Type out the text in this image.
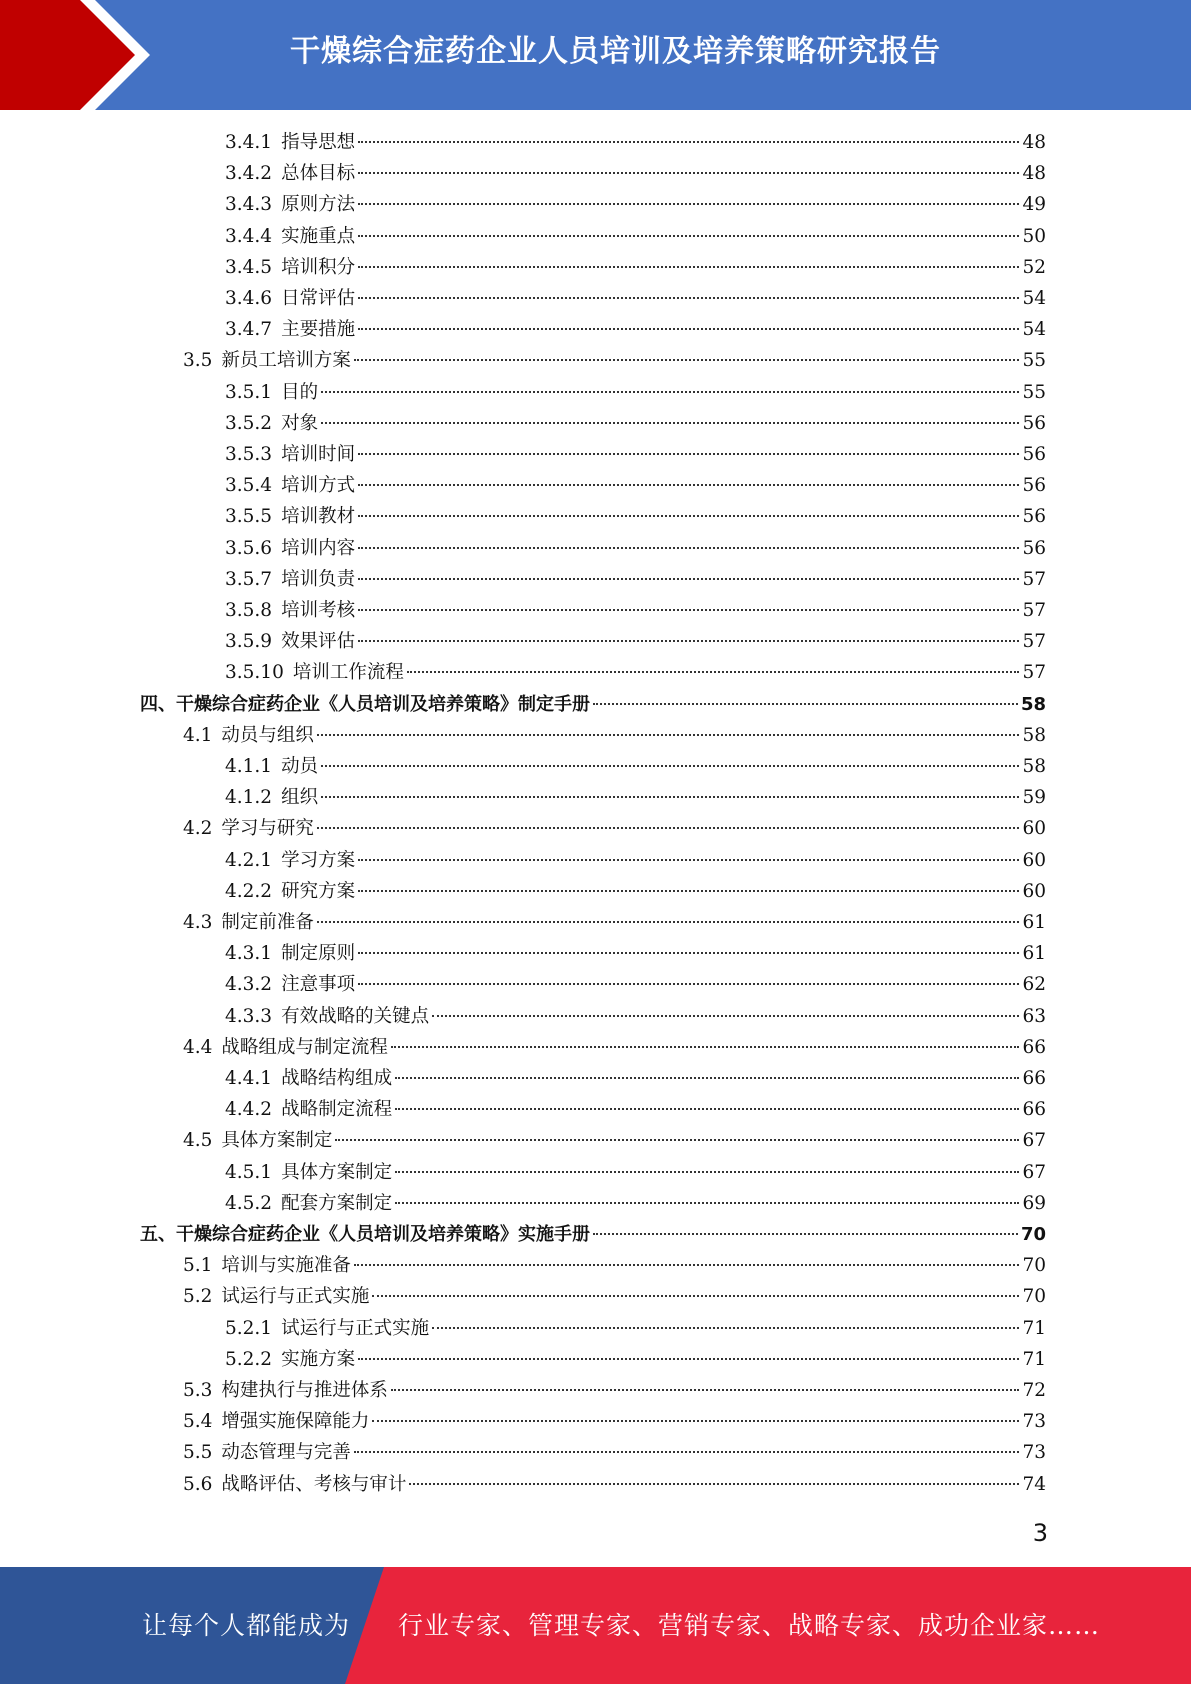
干燥综合症药企业人员培训及培养策略研究报告
3.4.1 指导思想	48
3.4.2 总体目标	48
3.4.3 原则方法	49
3.4.4 实施重点	50
3.4.5 培训积分	52
3.4.6 日常评估	54
3.4.7 主要措施	54
3.5 新员工培训方案	55
3.5.1 目的	55
3.5.2 对象	56
3.5.3 培训时间	56
3.5.4 培训方式	56
3.5.5 培训教材	56
3.5.6 培训内容	56
3.5.7 培训负责	57
3.5.8 培训考核	57
3.5.9 效果评估	57
3.5.10 培训工作流程	57
四、干燥综合症药企业《人员培训及培养策略》制定手册	58
4.1 动员与组织	58
4.1.1 动员	58
4.1.2 组织	59
4.2 学习与研究	60
4.2.1 学习方案	60
4.2.2 研究方案	60
4.3 制定前准备	61
4.3.1 制定原则	61
4.3.2 注意事项	62
4.3.3 有效战略的关键点	63
4.4 战略组成与制定流程	66
4.4.1 战略结构组成	66
4.4.2 战略制定流程	66
4.5 具体方案制定	67
4.5.1 具体方案制定	67
4.5.2 配套方案制定	69
五、干燥综合症药企业《人员培训及培养策略》实施手册	70
5.1 培训与实施准备	70
5.2 试运行与正式实施	70
5.2.1 试运行与正式实施	71
5.2.2 实施方案	71
5.3 构建执行与推进体系	72
5.4 增强实施保障能力	73
5.5 动态管理与完善	73
5.6 战略评估、考核与审计	74
3
让每个人都能成为 行业专家、管理专家、营销专家、战略专家、成功企业家……
